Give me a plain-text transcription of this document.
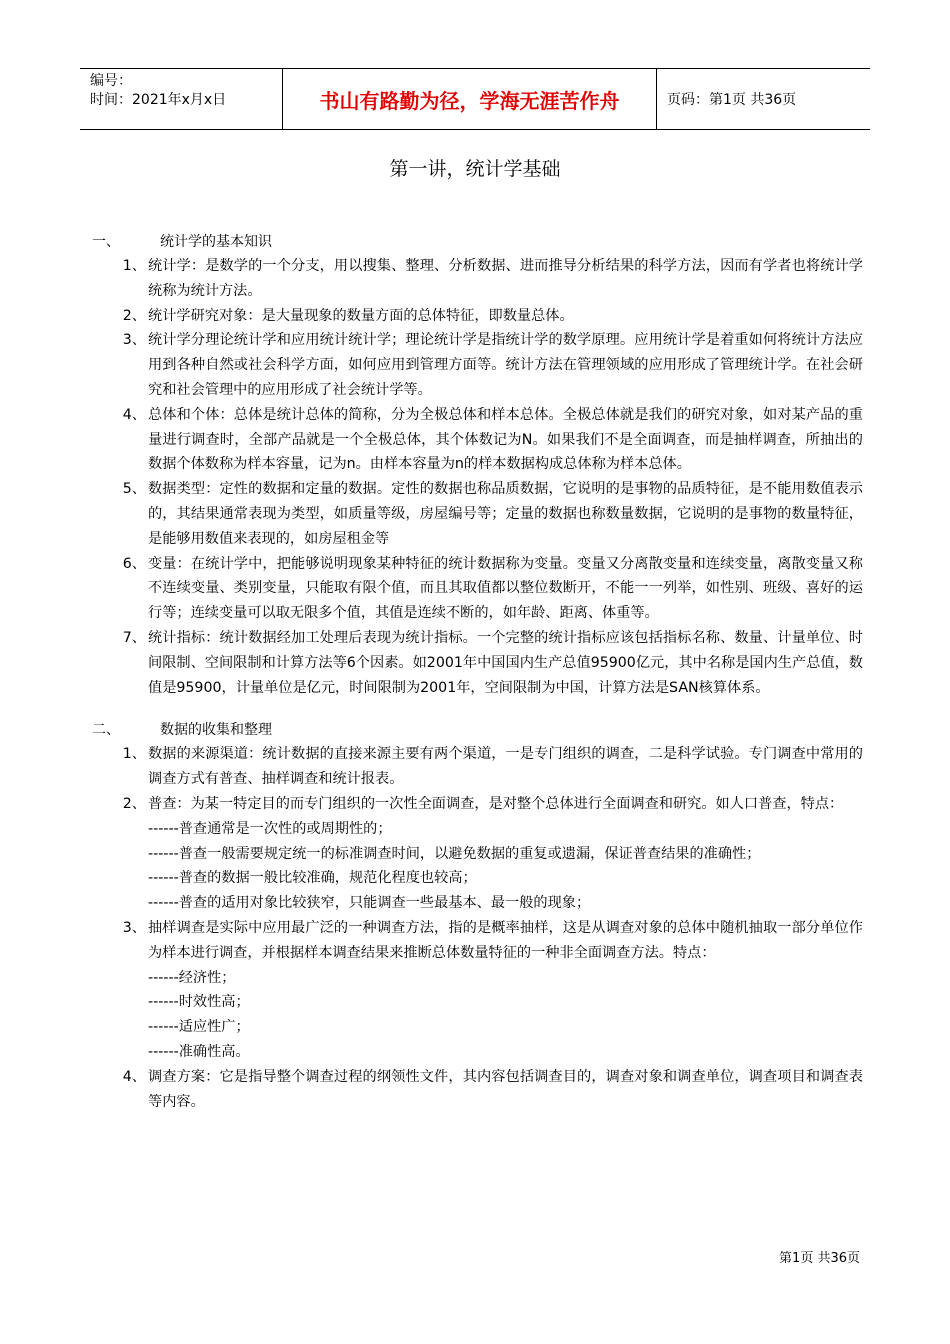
编号：
时间：2021年x月x日	书山有路勤为径，学海无涯苦作舟	页码：第1页 共36页
第一讲，统计学基础
一、	统计学的基本知识
1、 统计学：是数学的一个分支，用以搜集、整理、分析数据、进而推导分析结果的科学方法，因而有学者也将统计学统称为统计方法。
2、 统计学研究对象：是大量现象的数量方面的总体特征，即数量总体。
3、 统计学分理论统计学和应用统计统计学；理论统计学是指统计学的数学原理。应用统计学是着重如何将统计方法应用到各种自然或社会科学方面，如何应用到管理方面等。统计方法在管理领域的应用形成了管理统计学。在社会研究和社会管理中的应用形成了社会统计学等。
4、 总体和个体：总体是统计总体的简称，分为全极总体和样本总体。全极总体就是我们的研究对象，如对某产品的重量进行调查时，全部产品就是一个全极总体，其个体数记为N。如果我们不是全面调查，而是抽样调查，所抽出的数据个体数称为样本容量，记为n。由样本容量为n的样本数据构成总体称为样本总体。
5、 数据类型：定性的数据和定量的数据。定性的数据也称品质数据，它说明的是事物的品质特征，是不能用数值表示的，其结果通常表现为类型，如质量等级，房屋编号等；定量的数据也称数量数据，它说明的是事物的数量特征，是能够用数值来表现的，如房屋租金等
6、 变量：在统计学中，把能够说明现象某种特征的统计数据称为变量。变量又分离散变量和连续变量，离散变量又称不连续变量、类别变量，只能取有限个值，而且其取值都以整位数断开，不能一一列举，如性别、班级、喜好的运行等；连续变量可以取无限多个值，其值是连续不断的，如年龄、距离、体重等。
7、 统计指标：统计数据经加工处理后表现为统计指标。一个完整的统计指标应该包括指标名称、数量、计量单位、时间限制、空间限制和计算方法等6个因素。如2001年中国国内生产总值95900亿元，其中名称是国内生产总值，数值是95900，计量单位是亿元，时间限制为2001年，空间限制为中国，计算方法是SAN核算体系。
二、	数据的收集和整理
1、 数据的来源渠道：统计数据的直接来源主要有两个渠道，一是专门组织的调查，二是科学试验。专门调查中常用的调查方式有普查、抽样调查和统计报表。
2、 普查：为某一特定目的而专门组织的一次性全面调查，是对整个总体进行全面调查和研究。如人口普查，特点：
------普查通常是一次性的或周期性的；
------普查一般需要规定统一的标准调查时间，以避免数据的重复或遗漏，保证普查结果的准确性；
------普查的数据一般比较准确，规范化程度也较高；
------普查的适用对象比较狭窄，只能调查一些最基本、最一般的现象；
3、 抽样调查是实际中应用最广泛的一种调查方法，指的是概率抽样，这是从调查对象的总体中随机抽取一部分单位作为样本进行调查，并根据样本调查结果来推断总体数量特征的一种非全面调查方法。特点：
------经济性；
------时效性高；
------适应性广；
------准确性高。
4、 调查方案：它是指导整个调查过程的纲领性文件，其内容包括调查目的，调查对象和调查单位，调查项目和调查表等内容。
第1页 共36页
